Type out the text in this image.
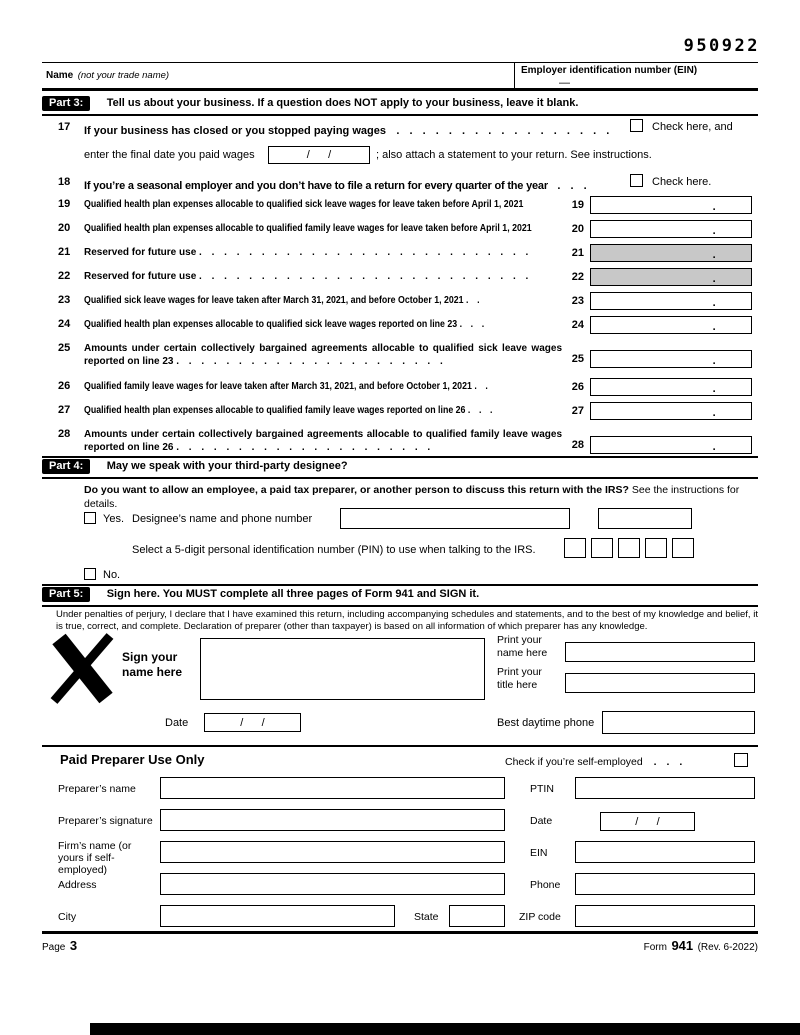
950922
Name (not your trade name)	Employer identification number (EIN)
—
Part 3: $^{Tell us about your business. If a question does NOT apply to your business, leave it blank.}$
17 If your business has closed or you stopped paying wages . . . . . . . . . . . . . . . . .	Check here, and
enter the final date you paid wages	/      /	; also attach a statement to your return. See instructions.
18 If you’re a seasonal employer and you don’t have to file a return for every quarter of the year . . .	Check here.
19 Qualified health plan expenses allocable to qualified sick leave wages for leave taken before April 1, 2021	19	.
20 Qualified health plan expenses allocable to qualified family leave wages for leave taken before April 1, 2021	20	.
21 Reserved for future use . . . . . . . . . . . . . . . . . . . . . . . . . . .	21	.
22 Reserved for future use . . . . . . . . . . . . . . . . . . . . . . . . . . .	22	.
23 Qualified sick leave wages for leave taken after March 31, 2021, and before October 1, 2021 . .	23	.
24 Qualified health plan expenses allocable to qualified sick leave wages reported on line 23 . . .	24	.
25 Amounts under certain collectively bargained agreements allocable to qualified sick leave wages reported on line 23 . . . . . . . . . . . . . . . . . . . . . .	25	.
26 Qualified family leave wages for leave taken after March 31, 2021, and before October 1, 2021 . .	26	.
27 Qualified health plan expenses allocable to qualified family leave wages reported on line 26 . . .	27	.
28 Amounts under certain collectively bargained agreements allocable to qualified family leave wages reported on line 26 . . . . . . . . . . . . . . . . . . . . .	28	.
Part 4: $^{May we speak with your third-party designee?}$
Do you want to allow an employee, a paid tax preparer, or another person to discuss this return with the IRS? See the instructions for details.
Yes. Designee’s name and phone number
Select a 5-digit personal identification number (PIN) to use when talking to the IRS.
No.
Part 5: $^{Sign here. You MUST complete all three pages of Form 941 and SIGN it.}$
Under penalties of perjury, I declare that I have examined this return, including accompanying schedules and statements, and to the best of my knowledge and belief, it is true, correct, and complete. Declaration of preparer (other than taxpayer) is based on all information of which preparer has any knowledge.
Sign your name here
Print your name here
Print your title here
Date	/      /	Best daytime phone
Paid Preparer Use Only	Check if you’re self-employed . . .
Preparer’s name	PTIN
Preparer’s signature	Date	/      /
Firm’s name (or yours if self-employed)
EIN
Address	Phone
City	State	ZIP code
Page 3	Form 941 (Rev. 6-2022)
